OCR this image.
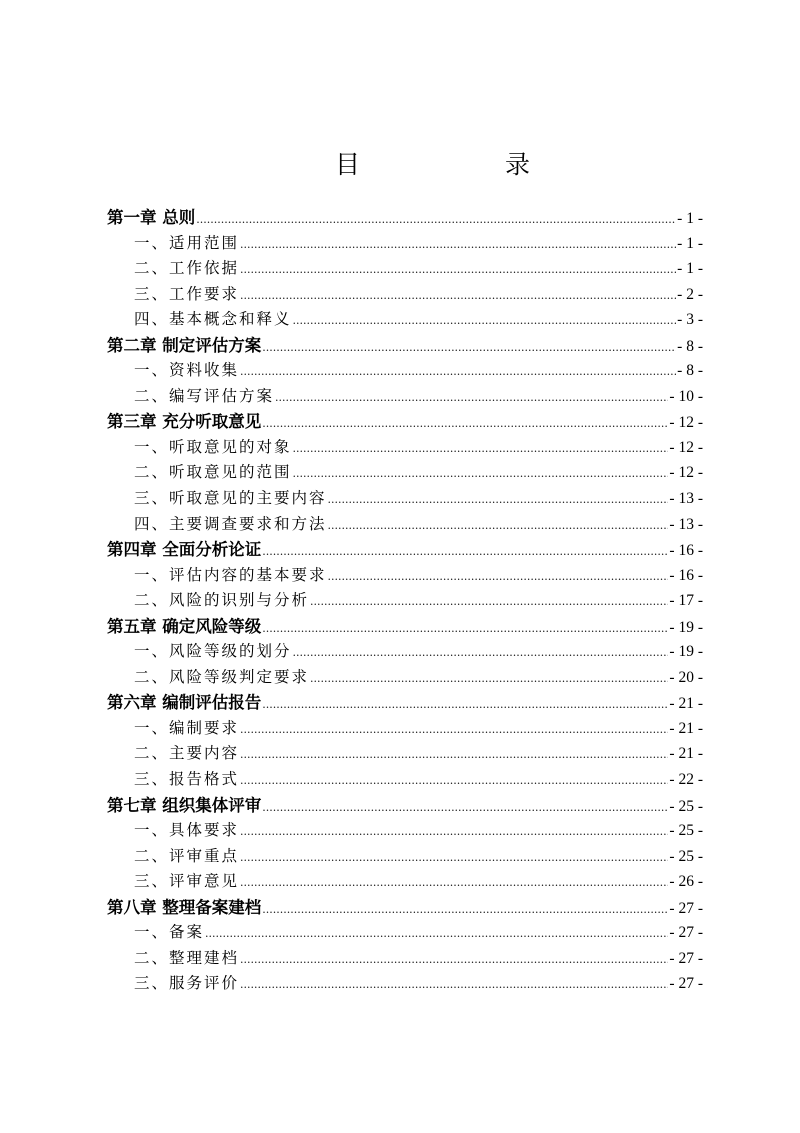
目　录
第一章 总则 .....	- 1 -
一、适用范围 .....	- 1 -
二、工作依据 .....	- 1 -
三、工作要求 .....	- 2 -
四、基本概念和释义 .....	- 3 -
第二章 制定评估方案 .....	- 8 -
一、资料收集 .....	- 8 -
二、编写评估方案 .....	- 10 -
第三章 充分听取意见 .....	- 12 -
一、听取意见的对象 .....	- 12 -
二、听取意见的范围 .....	- 12 -
三、听取意见的主要内容 .....	- 13 -
四、主要调查要求和方法 .....	- 13 -
第四章 全面分析论证 .....	- 16 -
一、评估内容的基本要求 .....	- 16 -
二、风险的识别与分析 .....	- 17 -
第五章 确定风险等级 .....	- 19 -
一、风险等级的划分 .....	- 19 -
二、风险等级判定要求 .....	- 20 -
第六章 编制评估报告 .....	- 21 -
一、编制要求 .....	- 21 -
二、主要内容 .....	- 21 -
三、报告格式 .....	- 22 -
第七章 组织集体评审 .....	- 25 -
一、具体要求 .....	- 25 -
二、评审重点 .....	- 25 -
三、评审意见 .....	- 26 -
第八章 整理备案建档 .....	- 27 -
一、备案 .....	- 27 -
二、整理建档 .....	- 27 -
三、服务评价 .....	- 27 -
